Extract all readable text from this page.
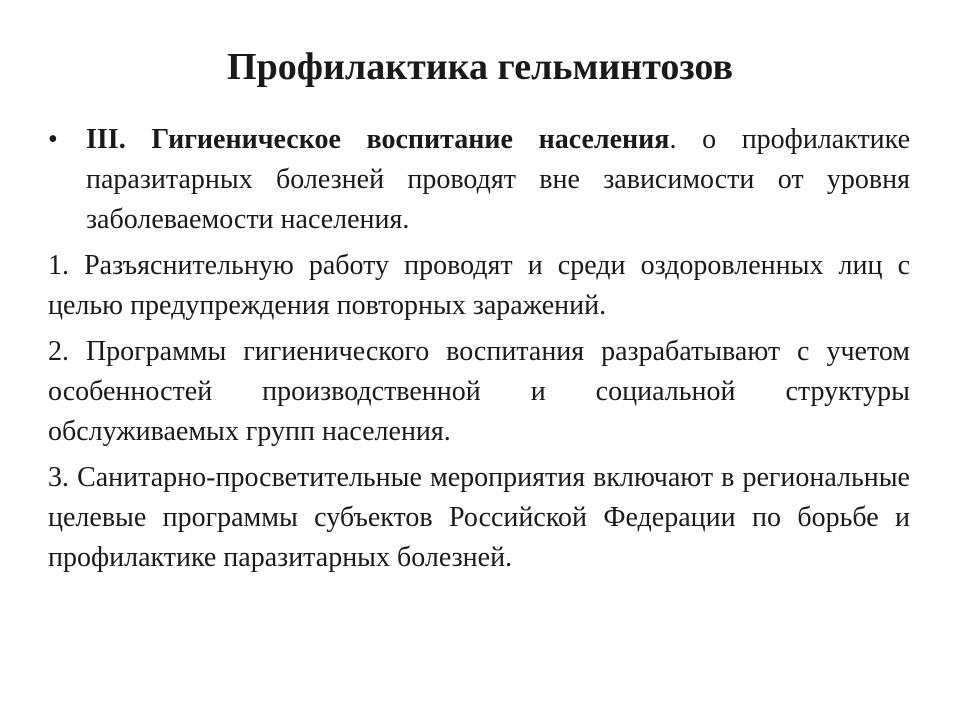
Профилактика гельминтозов
• III. Гигиеническое воспитание населения. о профилактике паразитарных болезней проводят вне зависимости от уровня заболеваемости населения.

1. Разъяснительную работу проводят и среди оздоровленных лиц с целью предупреждения повторных заражений.

2. Программы гигиенического воспитания разрабатывают с учетом особенностей производственной и социальной структуры обслуживаемых групп населения.

3. Санитарно-просветительные мероприятия включают в региональные целевые программы субъектов Российской Федерации по борьбе и профилактике паразитарных болезней.
